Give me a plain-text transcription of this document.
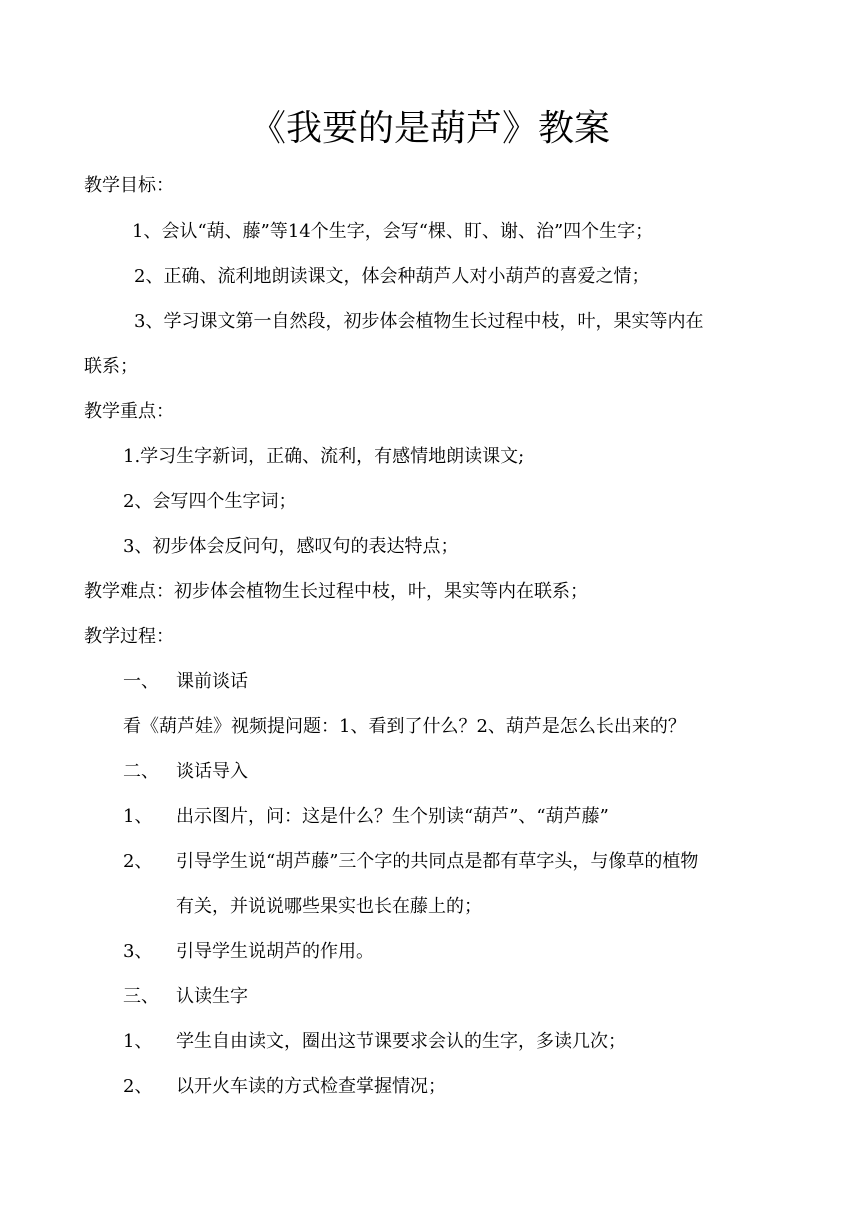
《我要的是葫芦》教案
教学目标：
1、会认“葫、藤”等14个生字，会写“棵、盯、谢、治”四个生字；
2、正确、流利地朗读课文，体会种葫芦人对小葫芦的喜爱之情；
3、学习课文第一自然段，初步体会植物生长过程中枝，叶，果实等内在
联系；
教学重点：
1.学习生字新词，正确、流利，有感情地朗读课文;
2、会写四个生字词；
3、初步体会反问句，感叹句的表达特点；
教学难点：初步体会植物生长过程中枝，叶，果实等内在联系；
教学过程：
一、 课前谈话
看《葫芦娃》视频提问题：1、看到了什么？2、葫芦是怎么长出来的？
二、 谈话导入
1、 出示图片，问：这是什么？生个别读“葫芦”、“葫芦藤”
2、 引导学生说“胡芦藤”三个字的共同点是都有草字头，与像草的植物
有关，并说说哪些果实也长在藤上的；
3、 引导学生说胡芦的作用。
三、 认读生字
1、 学生自由读文，圈出这节课要求会认的生字，多读几次；
2、 以开火车读的方式检查掌握情况；
